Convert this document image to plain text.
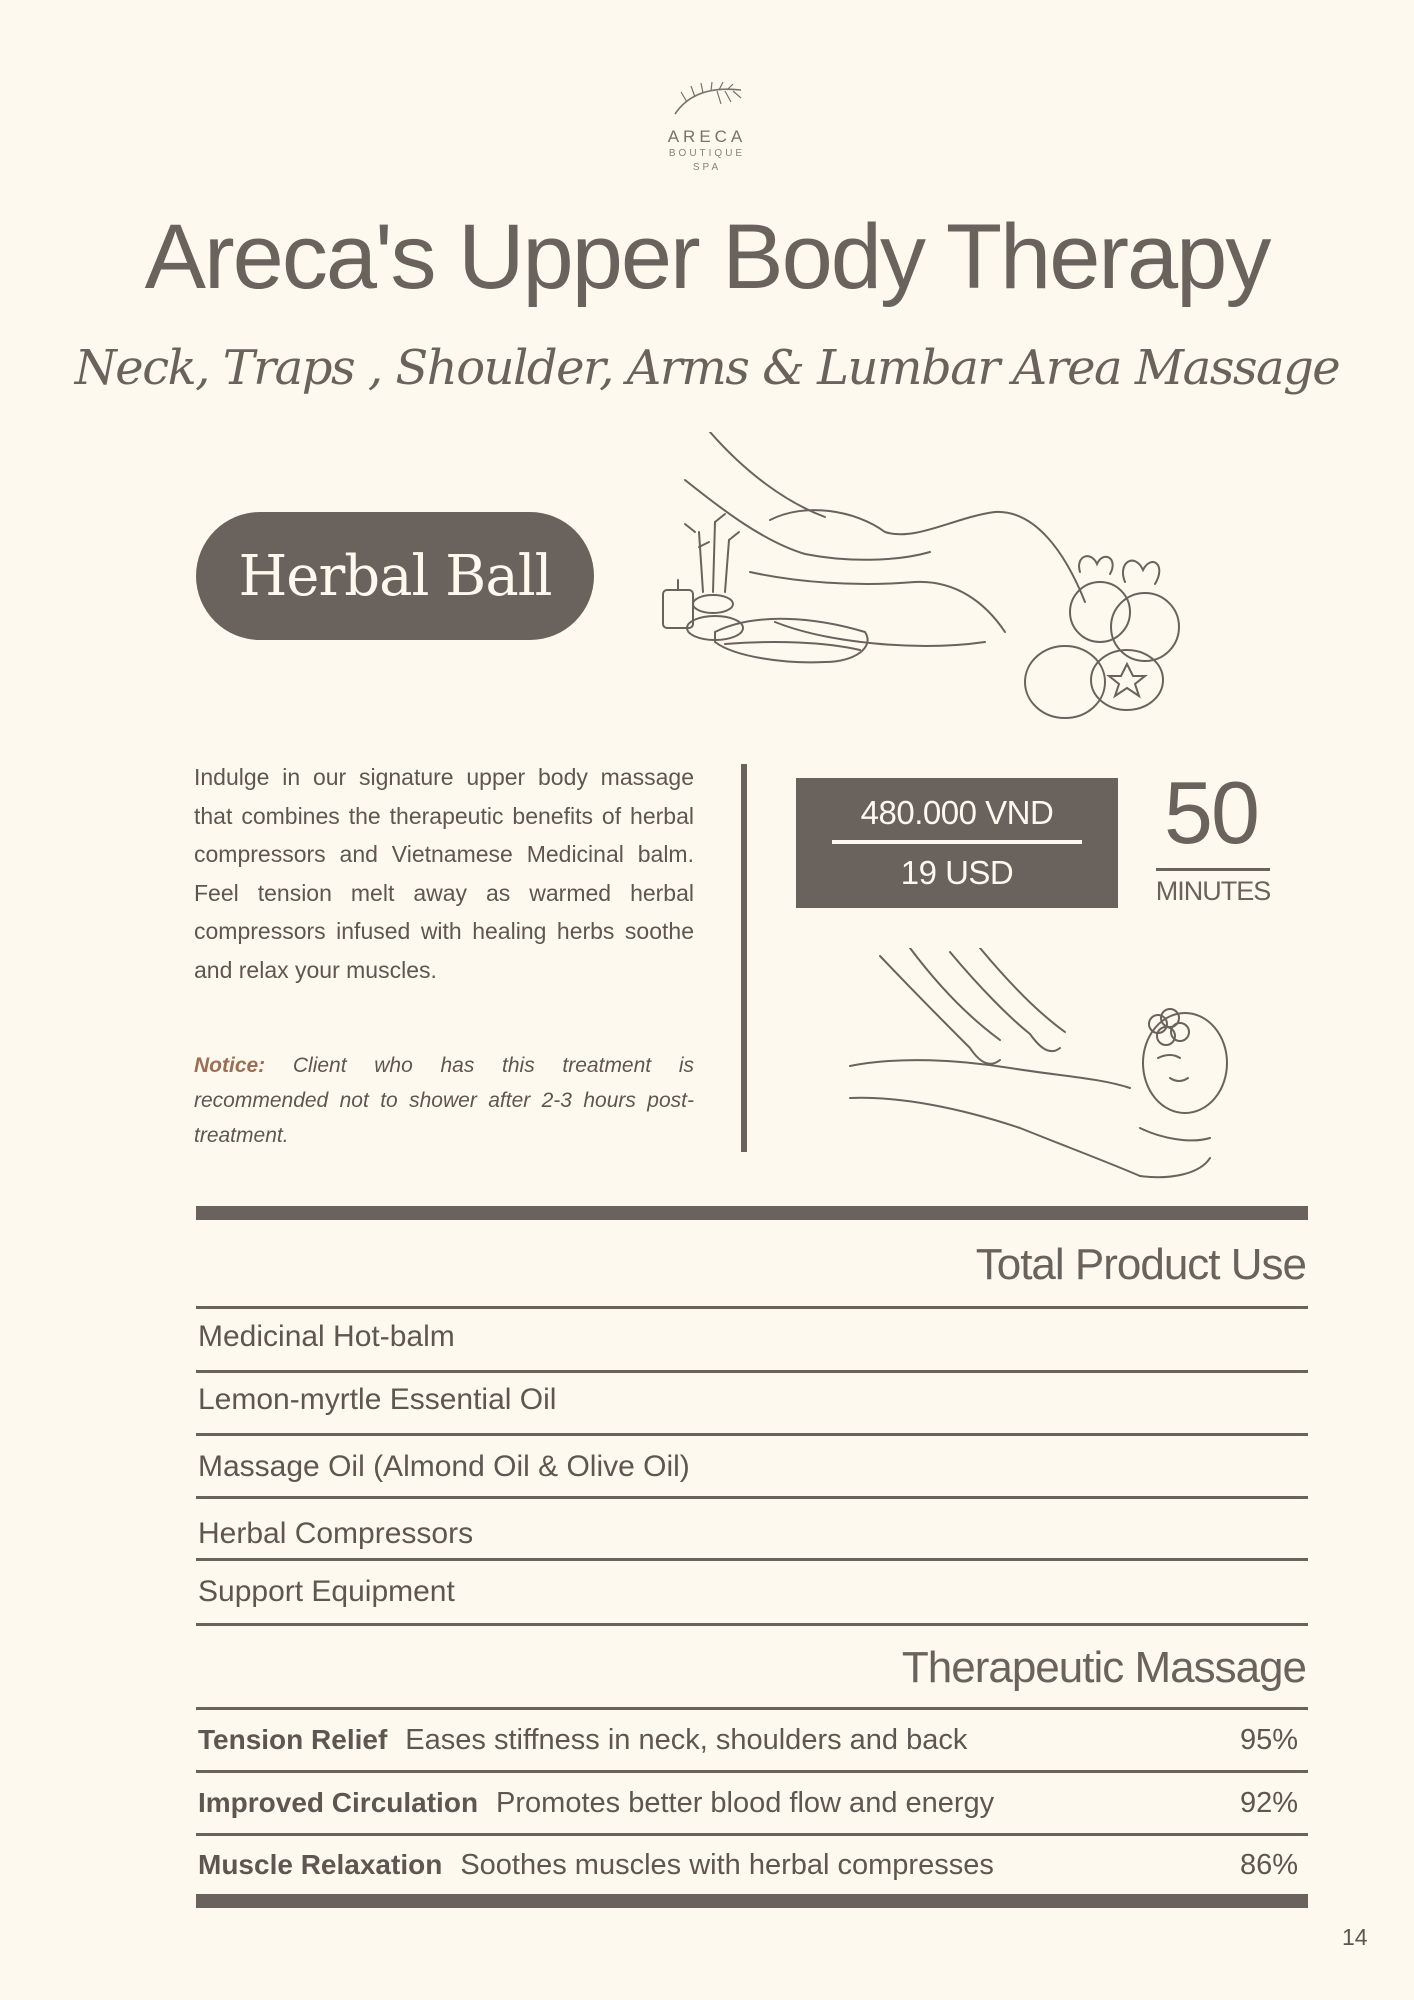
ARECA
BOUTIQUE
SPA
Areca's Upper Body Therapy
Neck, Traps , Shoulder, Arms & Lumbar Area Massage
Herbal Ball
Indulge in our signature upper body massage that combines the therapeutic benefits of herbal compressors and Vietnamese Medicinal balm. Feel tension melt away as warmed herbal compressors infused with healing herbs soothe and relax your muscles.
Notice: Client who has this treatment is recommended not to shower after 2-3 hours post-treatment.
480.000 VND
19 USD
50
MINUTES
Total Product Use
Medicinal Hot-balm
Lemon-myrtle Essential Oil
Massage Oil (Almond Oil & Olive Oil)
Herbal Compressors
Support Equipment
Therapeutic Massage
Tension Relief Eases stiffness in neck, shoulders and back	95%
Improved Circulation Promotes better blood flow and energy	92%
Muscle Relaxation Soothes muscles with herbal compresses	86%
14
